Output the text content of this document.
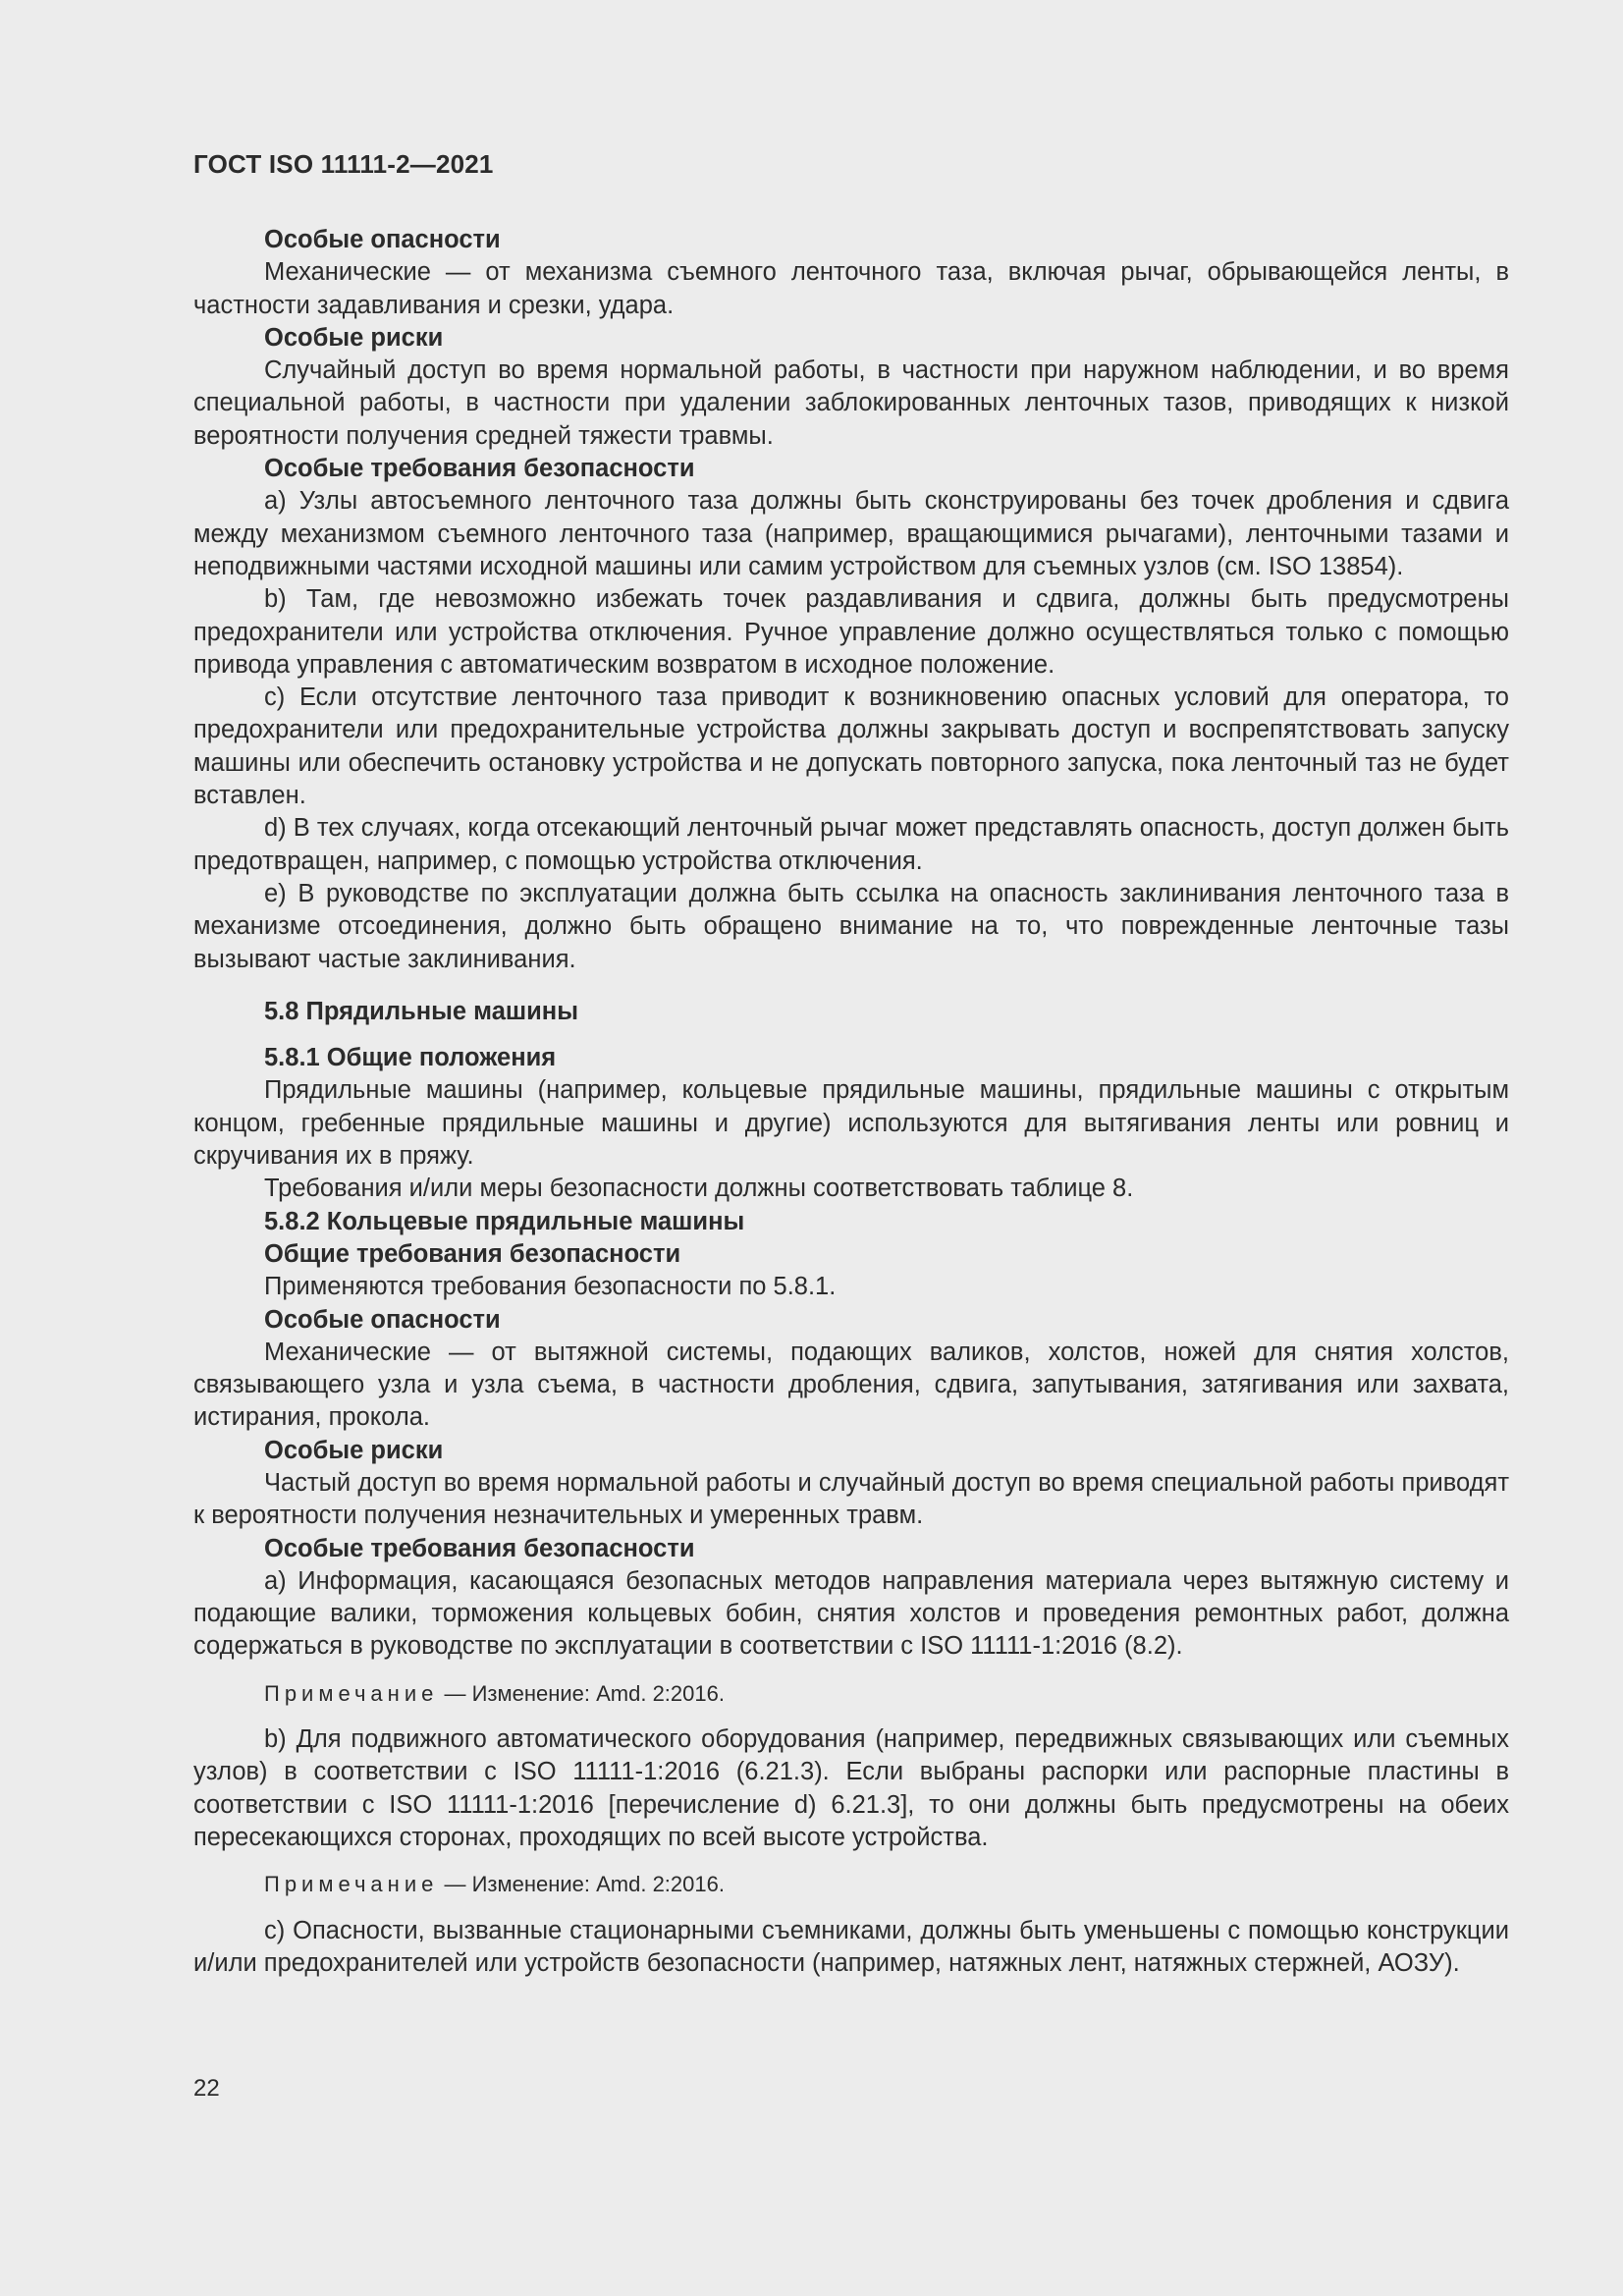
ГОСТ ISO 11111-2—2021

Особые опасности

Механические — от механизма съемного ленточного таза, включая рычаг, обрывающейся ленты, в частности задавливания и срезки, удара.

Особые риски

Случайный доступ во время нормальной работы, в частности при наружном наблюдении, и во время специальной работы, в частности при удалении заблокированных ленточных тазов, приводящих к низкой вероятности получения средней тяжести травмы.

Особые требования безопасности

a) Узлы автосъемного ленточного таза должны быть сконструированы без точек дробления и сдвига между механизмом съемного ленточного таза (например, вращающимися рычагами), ленточными тазами и неподвижными частями исходной машины или самим устройством для съемных узлов (см. ISO 13854).

b) Там, где невозможно избежать точек раздавливания и сдвига, должны быть предусмотрены предохранители или устройства отключения. Ручное управление должно осуществляться только с помощью привода управления с автоматическим возвратом в исходное положение.

c) Если отсутствие ленточного таза приводит к возникновению опасных условий для оператора, то предохранители или предохранительные устройства должны закрывать доступ и воспрепятствовать запуску машины или обеспечить остановку устройства и не допускать повторного запуска, пока ленточный таз не будет вставлен.

d) В тех случаях, когда отсекающий ленточный рычаг может представлять опасность, доступ должен быть предотвращен, например, с помощью устройства отключения.

e) В руководстве по эксплуатации должна быть ссылка на опасность заклинивания ленточного таза в механизме отсоединения, должно быть обращено внимание на то, что поврежденные ленточные тазы вызывают частые заклинивания.

5.8 Прядильные машины

5.8.1 Общие положения

Прядильные машины (например, кольцевые прядильные машины, прядильные машины с открытым концом, гребенные прядильные машины и другие) используются для вытягивания ленты или ровниц и скручивания их в пряжу.

Требования и/или меры безопасности должны соответствовать таблице 8.

5.8.2 Кольцевые прядильные машины

Общие требования безопасности

Применяются требования безопасности по 5.8.1.

Особые опасности

Механические — от вытяжной системы, подающих валиков, холстов, ножей для снятия холстов, связывающего узла и узла съема, в частности дробления, сдвига, запутывания, затягивания или захвата, истирания, прокола.

Особые риски

Частый доступ во время нормальной работы и случайный доступ во время специальной работы приводят к вероятности получения незначительных и умеренных травм.

Особые требования безопасности

a) Информация, касающаяся безопасных методов направления материала через вытяжную систему и подающие валики, торможения кольцевых бобин, снятия холстов и проведения ремонтных работ, должна содержаться в руководстве по эксплуатации в соответствии с ISO 11111-1:2016 (8.2).

Примечание — Изменение: Amd. 2:2016.

b) Для подвижного автоматического оборудования (например, передвижных связывающих или съемных узлов) в соответствии с ISO 11111-1:2016 (6.21.3). Если выбраны распорки или распорные пластины в соответствии с ISO 11111-1:2016 [перечисление d) 6.21.3], то они должны быть предусмотрены на обеих пересекающихся сторонах, проходящих по всей высоте устройства.

Примечание — Изменение: Amd. 2:2016.

c) Опасности, вызванные стационарными съемниками, должны быть уменьшены с помощью конструкции и/или предохранителей или устройств безопасности (например, натяжных лент, натяжных стержней, АОЗУ).

22
